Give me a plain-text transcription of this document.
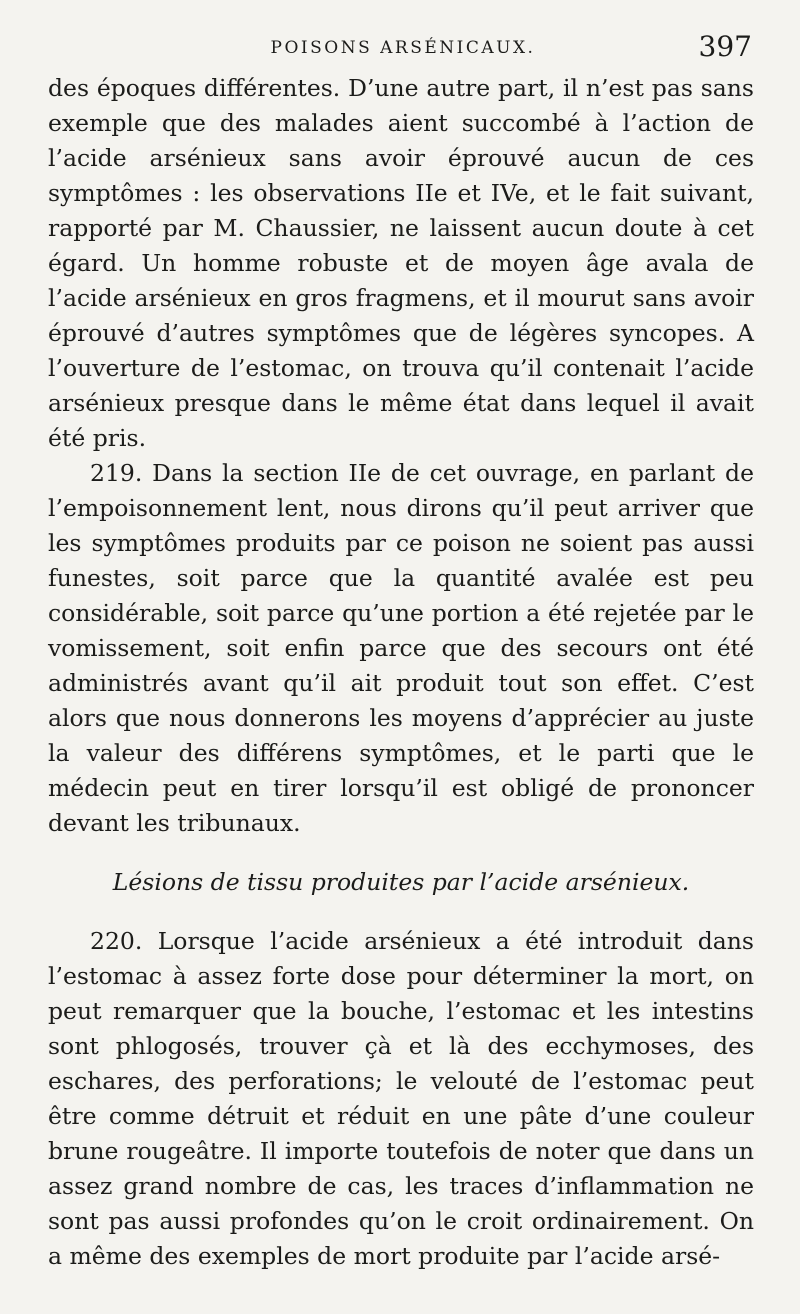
POISONS ARSÉNICAUX.	397

des époques différentes. D’une autre part, il n’est pas sans exemple que des malades aient succombé à l’action de l’acide arsénieux sans avoir éprouvé aucun de ces symptômes : les observations IIe et IVe, et le fait suivant, rapporté par M. Chaussier, ne laissent aucun doute à cet égard. Un homme robuste et de moyen âge avala de l’acide arsénieux en gros fragmens, et il mourut sans avoir éprouvé d’autres symptômes que de légères syncopes. A l’ouverture de l’estomac, on trouva qu’il contenait l’acide arsénieux presque dans le même état dans lequel il avait été pris.

219. Dans la section IIe de cet ouvrage, en parlant de l’empoisonnement lent, nous dirons qu’il peut arriver que les symptômes produits par ce poison ne soient pas aussi funestes, soit parce que la quantité avalée est peu considérable, soit parce qu’une portion a été rejetée par le vomissement, soit enfin parce que des secours ont été administrés avant qu’il ait produit tout son effet. C’est alors que nous donnerons les moyens d’apprécier au juste la valeur des différens symptômes, et le parti que le médecin peut en tirer lorsqu’il est obligé de prononcer devant les tribunaux.

Lésions de tissu produites par l’acide arsénieux.

220. Lorsque l’acide arsénieux a été introduit dans l’estomac à assez forte dose pour déterminer la mort, on peut remarquer que la bouche, l’estomac et les intestins sont phlogosés, trouver çà et là des ecchymoses, des eschares, des perforations; le velouté de l’estomac peut être comme détruit et réduit en une pâte d’une couleur brune rougeâtre. Il importe toutefois de noter que dans un assez grand nombre de cas, les traces d’inflammation ne sont pas aussi profondes qu’on le croit ordinairement. On a même des exemples de mort produite par l’acide arsé-
